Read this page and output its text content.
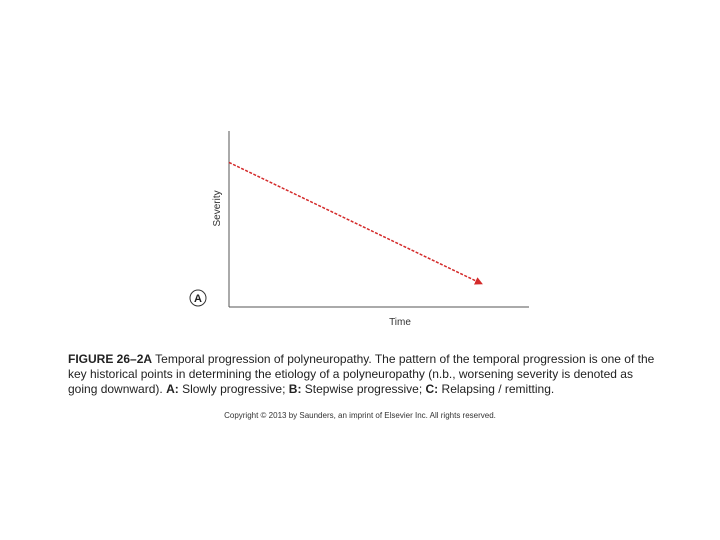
Severity
Time
A
FIGURE 26–2A Temporal progression of polyneuropathy. The pattern of the temporal progression is one of the key historical points in determining the etiology of a polyneuropathy (n.b., worsening severity is denoted as going downward). A: Slowly progressive; B: Stepwise progressive; C: Relapsing / remitting.
Copyright © 2013 by Saunders, an imprint of Elsevier Inc. All rights reserved.
